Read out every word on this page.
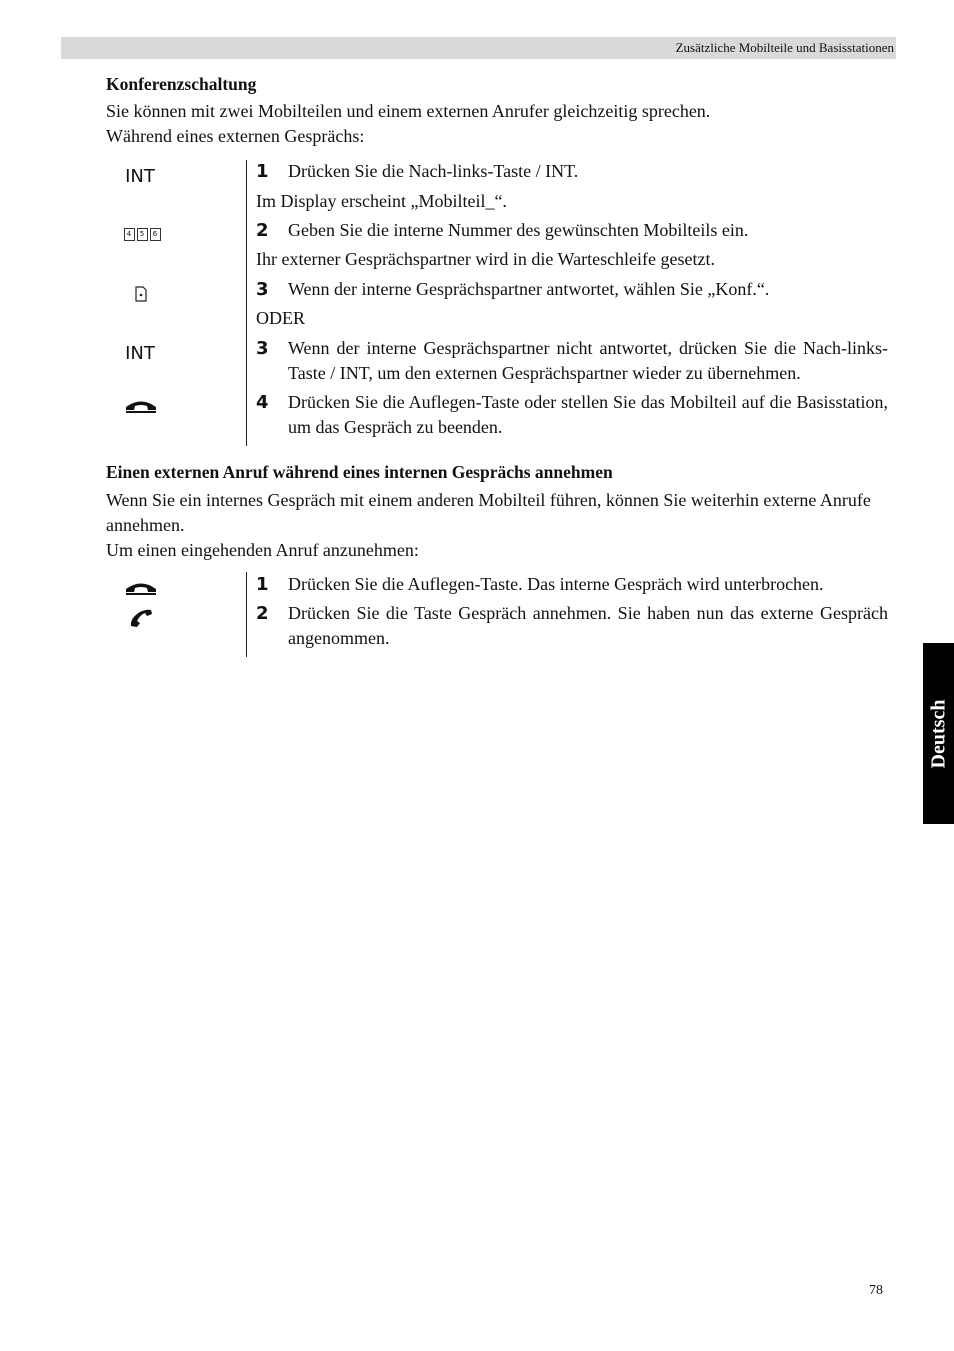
Zusätzliche Mobilteile und Basisstationen
Konferenzschaltung
Sie können mit zwei Mobilteilen und einem externen Anrufer gleichzeitig sprechen.
Während eines externen Gesprächs:
INT
4	5	6
INT
1 Drücken Sie die Nach-links-Taste / INT.
Im Display erscheint „Mobilteil_“.
2 Geben Sie die interne Nummer des gewünschten Mobilteils ein.
Ihr externer Gesprächspartner wird in die Warteschleife gesetzt.
3 Wenn der interne Gesprächspartner antwortet, wählen Sie „Konf.“.
ODER
3 Wenn der interne Gesprächspartner nicht antwortet, drücken Sie die Nach-links-Taste / INT, um den externen Gesprächspartner wieder zu übernehmen.
4 Drücken Sie die Auflegen-Taste oder stellen Sie das Mobilteil auf die Basisstation, um das Gespräch zu beenden.
Einen externen Anruf während eines internen Gesprächs annehmen
Wenn Sie ein internes Gespräch mit einem anderen Mobilteil führen, können Sie weiterhin externe Anrufe annehmen.
Um einen eingehenden Anruf anzunehmen:
1 Drücken Sie die Auflegen-Taste. Das interne Gespräch wird unterbrochen.
2 Drücken Sie die Taste Gespräch annehmen. Sie haben nun das externe Gespräch angenommen.
Deutsch
78
